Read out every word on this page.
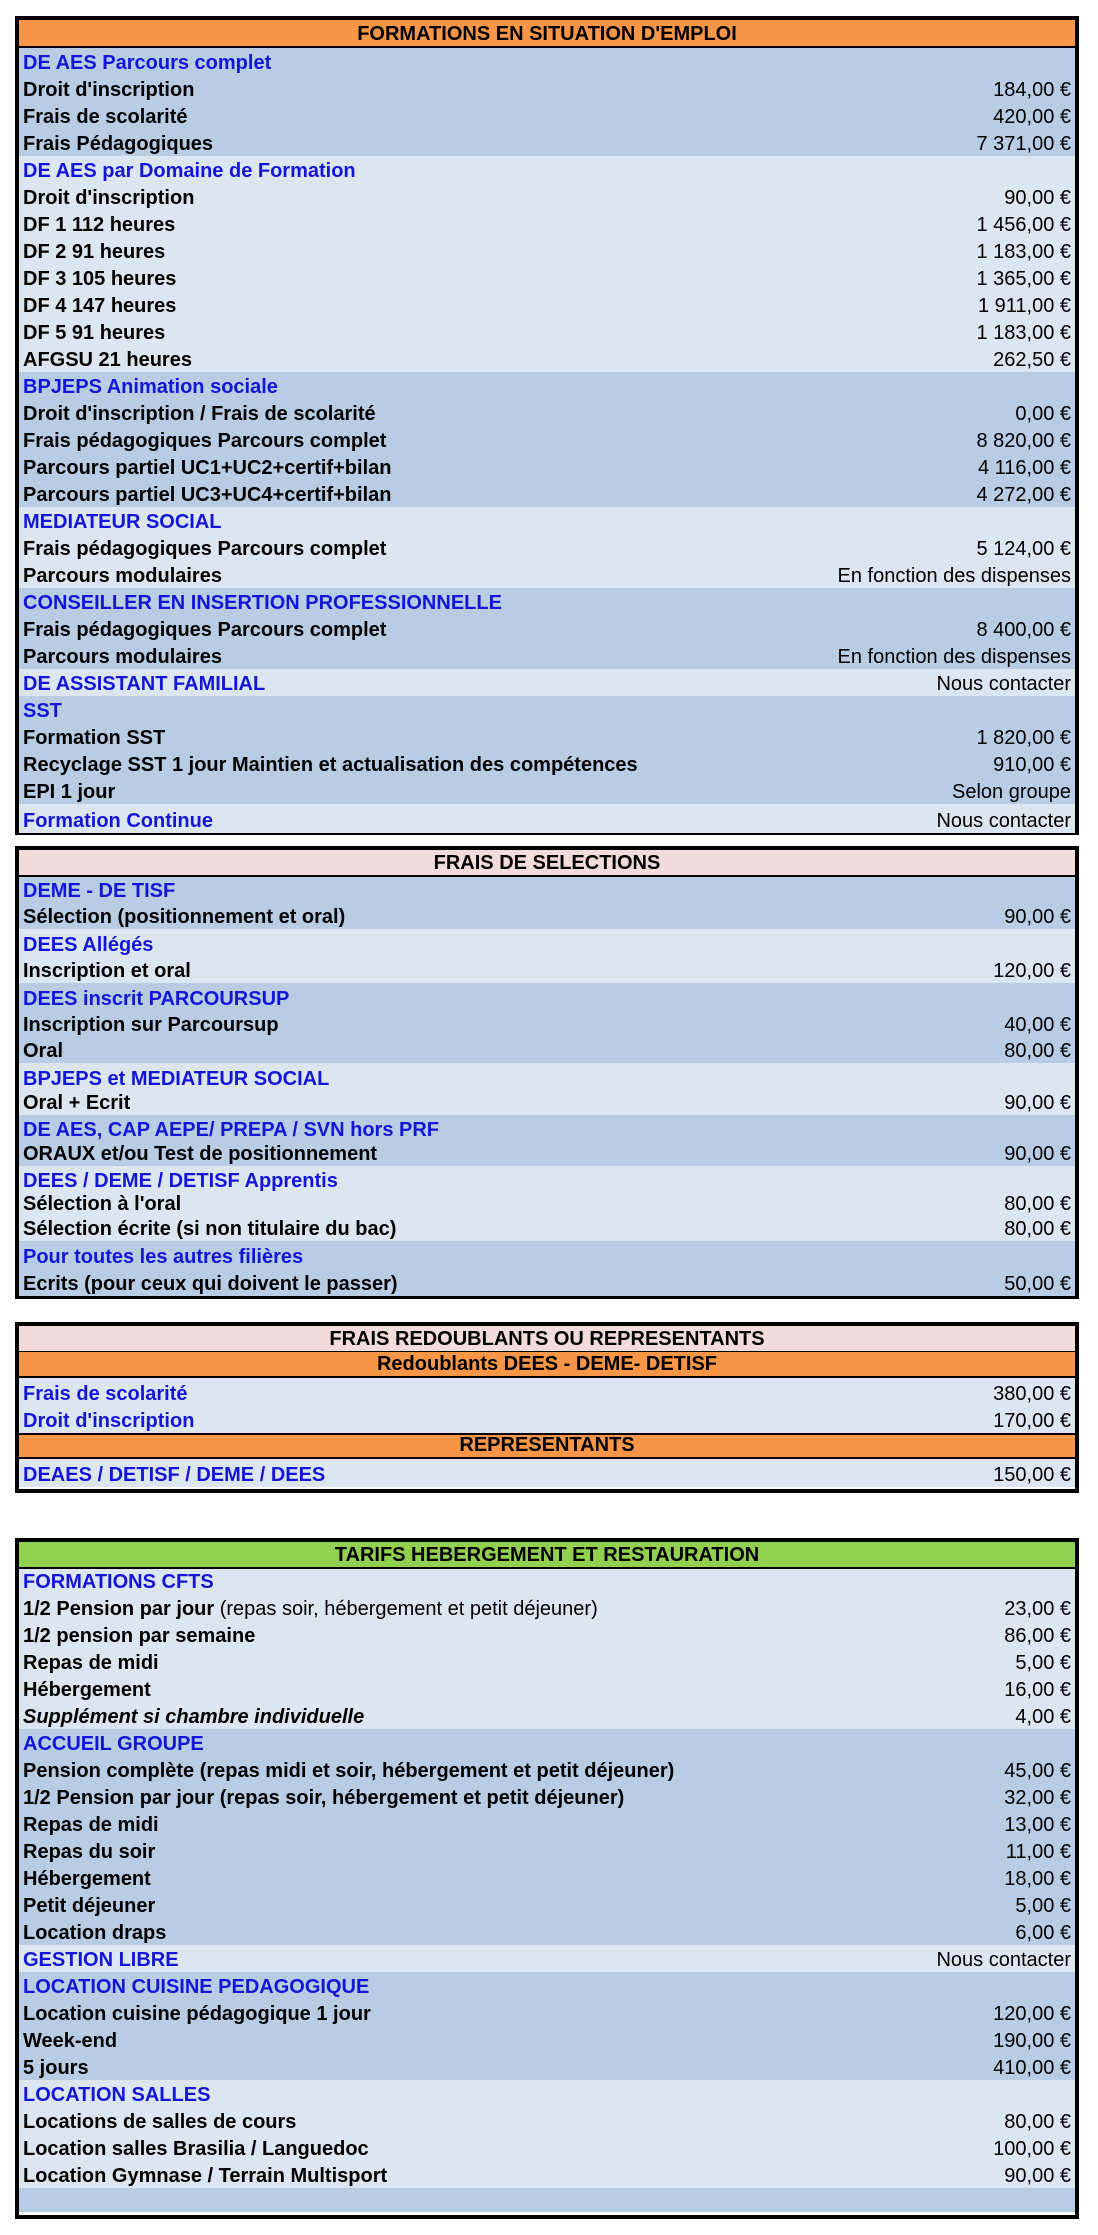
FORMATIONS EN SITUATION D'EMPLOI
DE AES Parcours complet
Droit d'inscription	184,00 €
Frais de scolarité	420,00 €
Frais Pédagogiques	7 371,00 €
DE AES par Domaine de Formation
Droit d'inscription	90,00 €
DF 1 112 heures	1 456,00 €
DF 2 91 heures	1 183,00 €
DF 3 105 heures	1 365,00 €
DF 4 147 heures	1 911,00 €
DF 5 91 heures	1 183,00 €
AFGSU 21 heures	262,50 €
BPJEPS Animation sociale
Droit d'inscription / Frais de scolarité	0,00 €
Frais pédagogiques Parcours complet	8 820,00 €
Parcours partiel UC1+UC2+certif+bilan	4 116,00 €
Parcours partiel UC3+UC4+certif+bilan	4 272,00 €
MEDIATEUR SOCIAL
Frais pédagogiques Parcours complet	5 124,00 €
Parcours modulaires	En fonction des dispenses
CONSEILLER EN INSERTION PROFESSIONNELLE
Frais pédagogiques Parcours complet	8 400,00 €
Parcours modulaires	En fonction des dispenses
DE ASSISTANT FAMILIAL	Nous contacter
SST
Formation SST	1 820,00 €
Recyclage SST 1 jour Maintien et actualisation des compétences	910,00 €
EPI 1 jour	Selon groupe
Formation Continue	Nous contacter
FRAIS DE SELECTIONS
DEME - DE TISF
Sélection (positionnement et oral)	90,00 €
DEES Allégés
Inscription et oral	120,00 €
DEES inscrit PARCOURSUP
Inscription sur Parcoursup	40,00 €
Oral	80,00 €
BPJEPS et MEDIATEUR SOCIAL
Oral + Ecrit	90,00 €
DE AES, CAP AEPE/ PREPA / SVN hors PRF
ORAUX et/ou Test de positionnement	90,00 €
DEES / DEME / DETISF Apprentis
Sélection à l'oral	80,00 €
Sélection écrite (si non titulaire du bac)	80,00 €
Pour toutes les autres filières
Ecrits (pour ceux qui doivent le passer)	50,00 €
FRAIS REDOUBLANTS OU REPRESENTANTS
Redoublants DEES - DEME- DETISF
Frais de scolarité	380,00 €
Droit d'inscription	170,00 €
REPRESENTANTS
DEAES / DETISF / DEME / DEES	150,00 €
TARIFS HEBERGEMENT ET RESTAURATION
FORMATIONS CFTS
1/2 Pension par jour (repas soir, hébergement et petit déjeuner)	23,00 €
1/2 pension par semaine	86,00 €
Repas de midi	5,00 €
Hébergement	16,00 €
Supplément si chambre individuelle	4,00 €
ACCUEIL GROUPE
Pension complète (repas midi et soir, hébergement et petit déjeuner)	45,00 €
1/2 Pension par jour (repas soir, hébergement et petit déjeuner)	32,00 €
Repas de midi	13,00 €
Repas du soir	11,00 €
Hébergement	18,00 €
Petit déjeuner	5,00 €
Location draps	6,00 €
GESTION LIBRE	Nous contacter
LOCATION CUISINE PEDAGOGIQUE
Location cuisine pédagogique 1 jour	120,00 €
Week-end	190,00 €
5 jours	410,00 €
LOCATION SALLES
Locations de salles de cours	80,00 €
Location salles Brasilia / Languedoc	100,00 €
Location Gymnase / Terrain Multisport	90,00 €
